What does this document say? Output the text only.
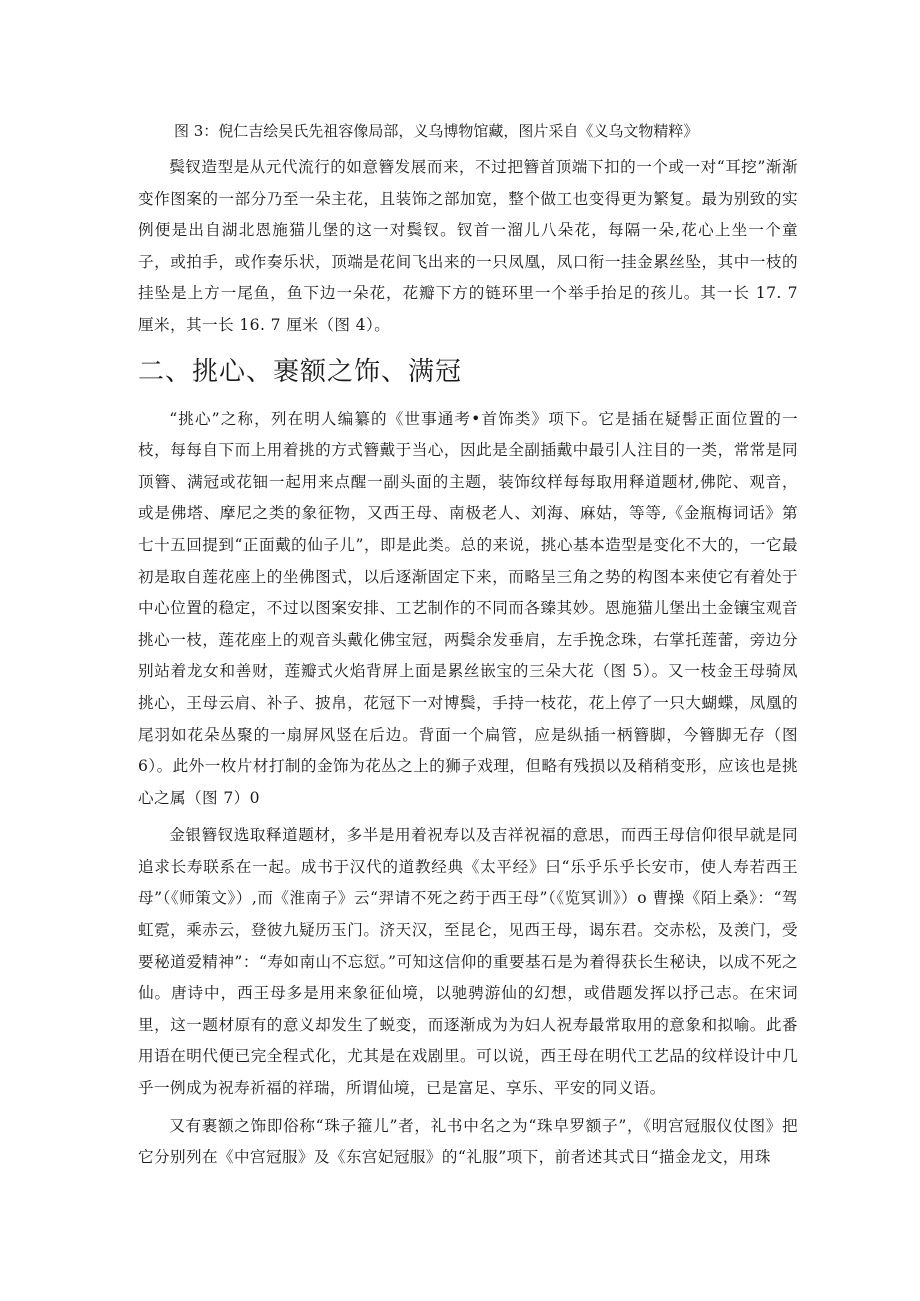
图 3：倪仁吉绘吴氏先祖容像局部，义乌博物馆藏，图片采自《义乌文物精粹》

鬓钗造型是从元代流行的如意簪发展而来，不过把簪首顶端下扣的一个或一对“耳挖”渐渐变作图案的一部分乃至一朵主花，且装饰之部加宽，整个做工也变得更为繁复。最为别致的实例便是出自湖北恩施猫儿堡的这一对鬓钗。钗首一溜儿八朵花，每隔一朵,花心上坐一个童子，或拍手，或作奏乐状，顶端是花间飞出来的一只凤凰，凤口衔一挂金累丝坠，其中一枝的挂坠是上方一尾鱼，鱼下边一朵花，花瓣下方的链环里一个举手抬足的孩儿。其一长 17. 7 厘米，其一长 16. 7 厘米（图 4）。

二、挑心、裹额之饰、满冠

“挑心”之称，列在明人编纂的《世事通考•首饰类》项下。它是插在疑髻正面位置的一枝，每每自下而上用着挑的方式簪戴于当心，因此是全副插戴中最引人注目的一类，常常是同顶簪、满冠或花钿一起用来点醒一副头面的主题，装饰纹样每每取用释道题材,佛陀、观音，或是佛塔、摩尼之类的象征物，又西王母、南极老人、刘海、麻姑，等等,《金瓶梅词话》第七十五回提到“正面戴的仙子儿”，即是此类。总的来说，挑心基本造型是变化不大的，一它最初是取自莲花座上的坐佛图式，以后逐渐固定下来，而略呈三角之势的构图本来使它有着处于中心位置的稳定，不过以图案安排、工艺制作的不同而各臻其妙。恩施猫儿堡出土金镶宝观音挑心一枝，莲花座上的观音头戴化佛宝冠，两鬓余发垂肩，左手挽念珠，右掌托莲蕾，旁边分别站着龙女和善财，莲瓣式火焰背屏上面是累丝嵌宝的三朵大花（图 5）。又一枝金王母骑凤挑心，王母云肩、补子、披帛，花冠下一对博鬓，手持一枝花，花上停了一只大蝴蝶，凤凰的尾羽如花朵丛聚的一扇屏风竖在后边。背面一个扁管，应是纵插一柄簪脚，今簪脚无存（图 6）。此外一枚片材打制的金饰为花丛之上的狮子戏理，但略有残损以及稍稍变形，应该也是挑心之属（图 7）0

金银簪钗选取释道题材，多半是用着祝寿以及吉祥祝福的意思，而西王母信仰很早就是同追求长寿联系在一起。成书于汉代的道教经典《太平经》曰“乐乎乐乎长安市，使人寿若西王母”（《师策文》）,而《淮南子》云“羿请不死之药于西王母”（《览冥训》）o 曹操《陌上桑》：“驾虹霓，乘赤云，登彼九疑历玉门。济天汉，至昆仑，见西王母，谒东君。交赤松，及羡门，受要秘道爱精神”：“寿如南山不忘愆。”可知这信仰的重要基石是为着得获长生秘诀，以成不死之仙。唐诗中，西王母多是用来象征仙境，以驰骋游仙的幻想，或借题发挥以抒己志。在宋词里，这一题材原有的意义却发生了蜕变，而逐渐成为为妇人祝寿最常取用的意象和拟喻。此番用语在明代便已完全程式化，尤其是在戏剧里。可以说，西王母在明代工艺品的纹样设计中几乎一例成为祝寿祈福的祥瑞，所谓仙境，已是富足、享乐、平安的同义语。

又有裹额之饰即俗称“珠子箍儿”者，礼书中名之为“珠皁罗额子”，《明宫冠服仪仗图》把它分别列在《中宫冠服》及《东宫妃冠服》的“礼服”项下，前者述其式日“描金龙文，用珠
